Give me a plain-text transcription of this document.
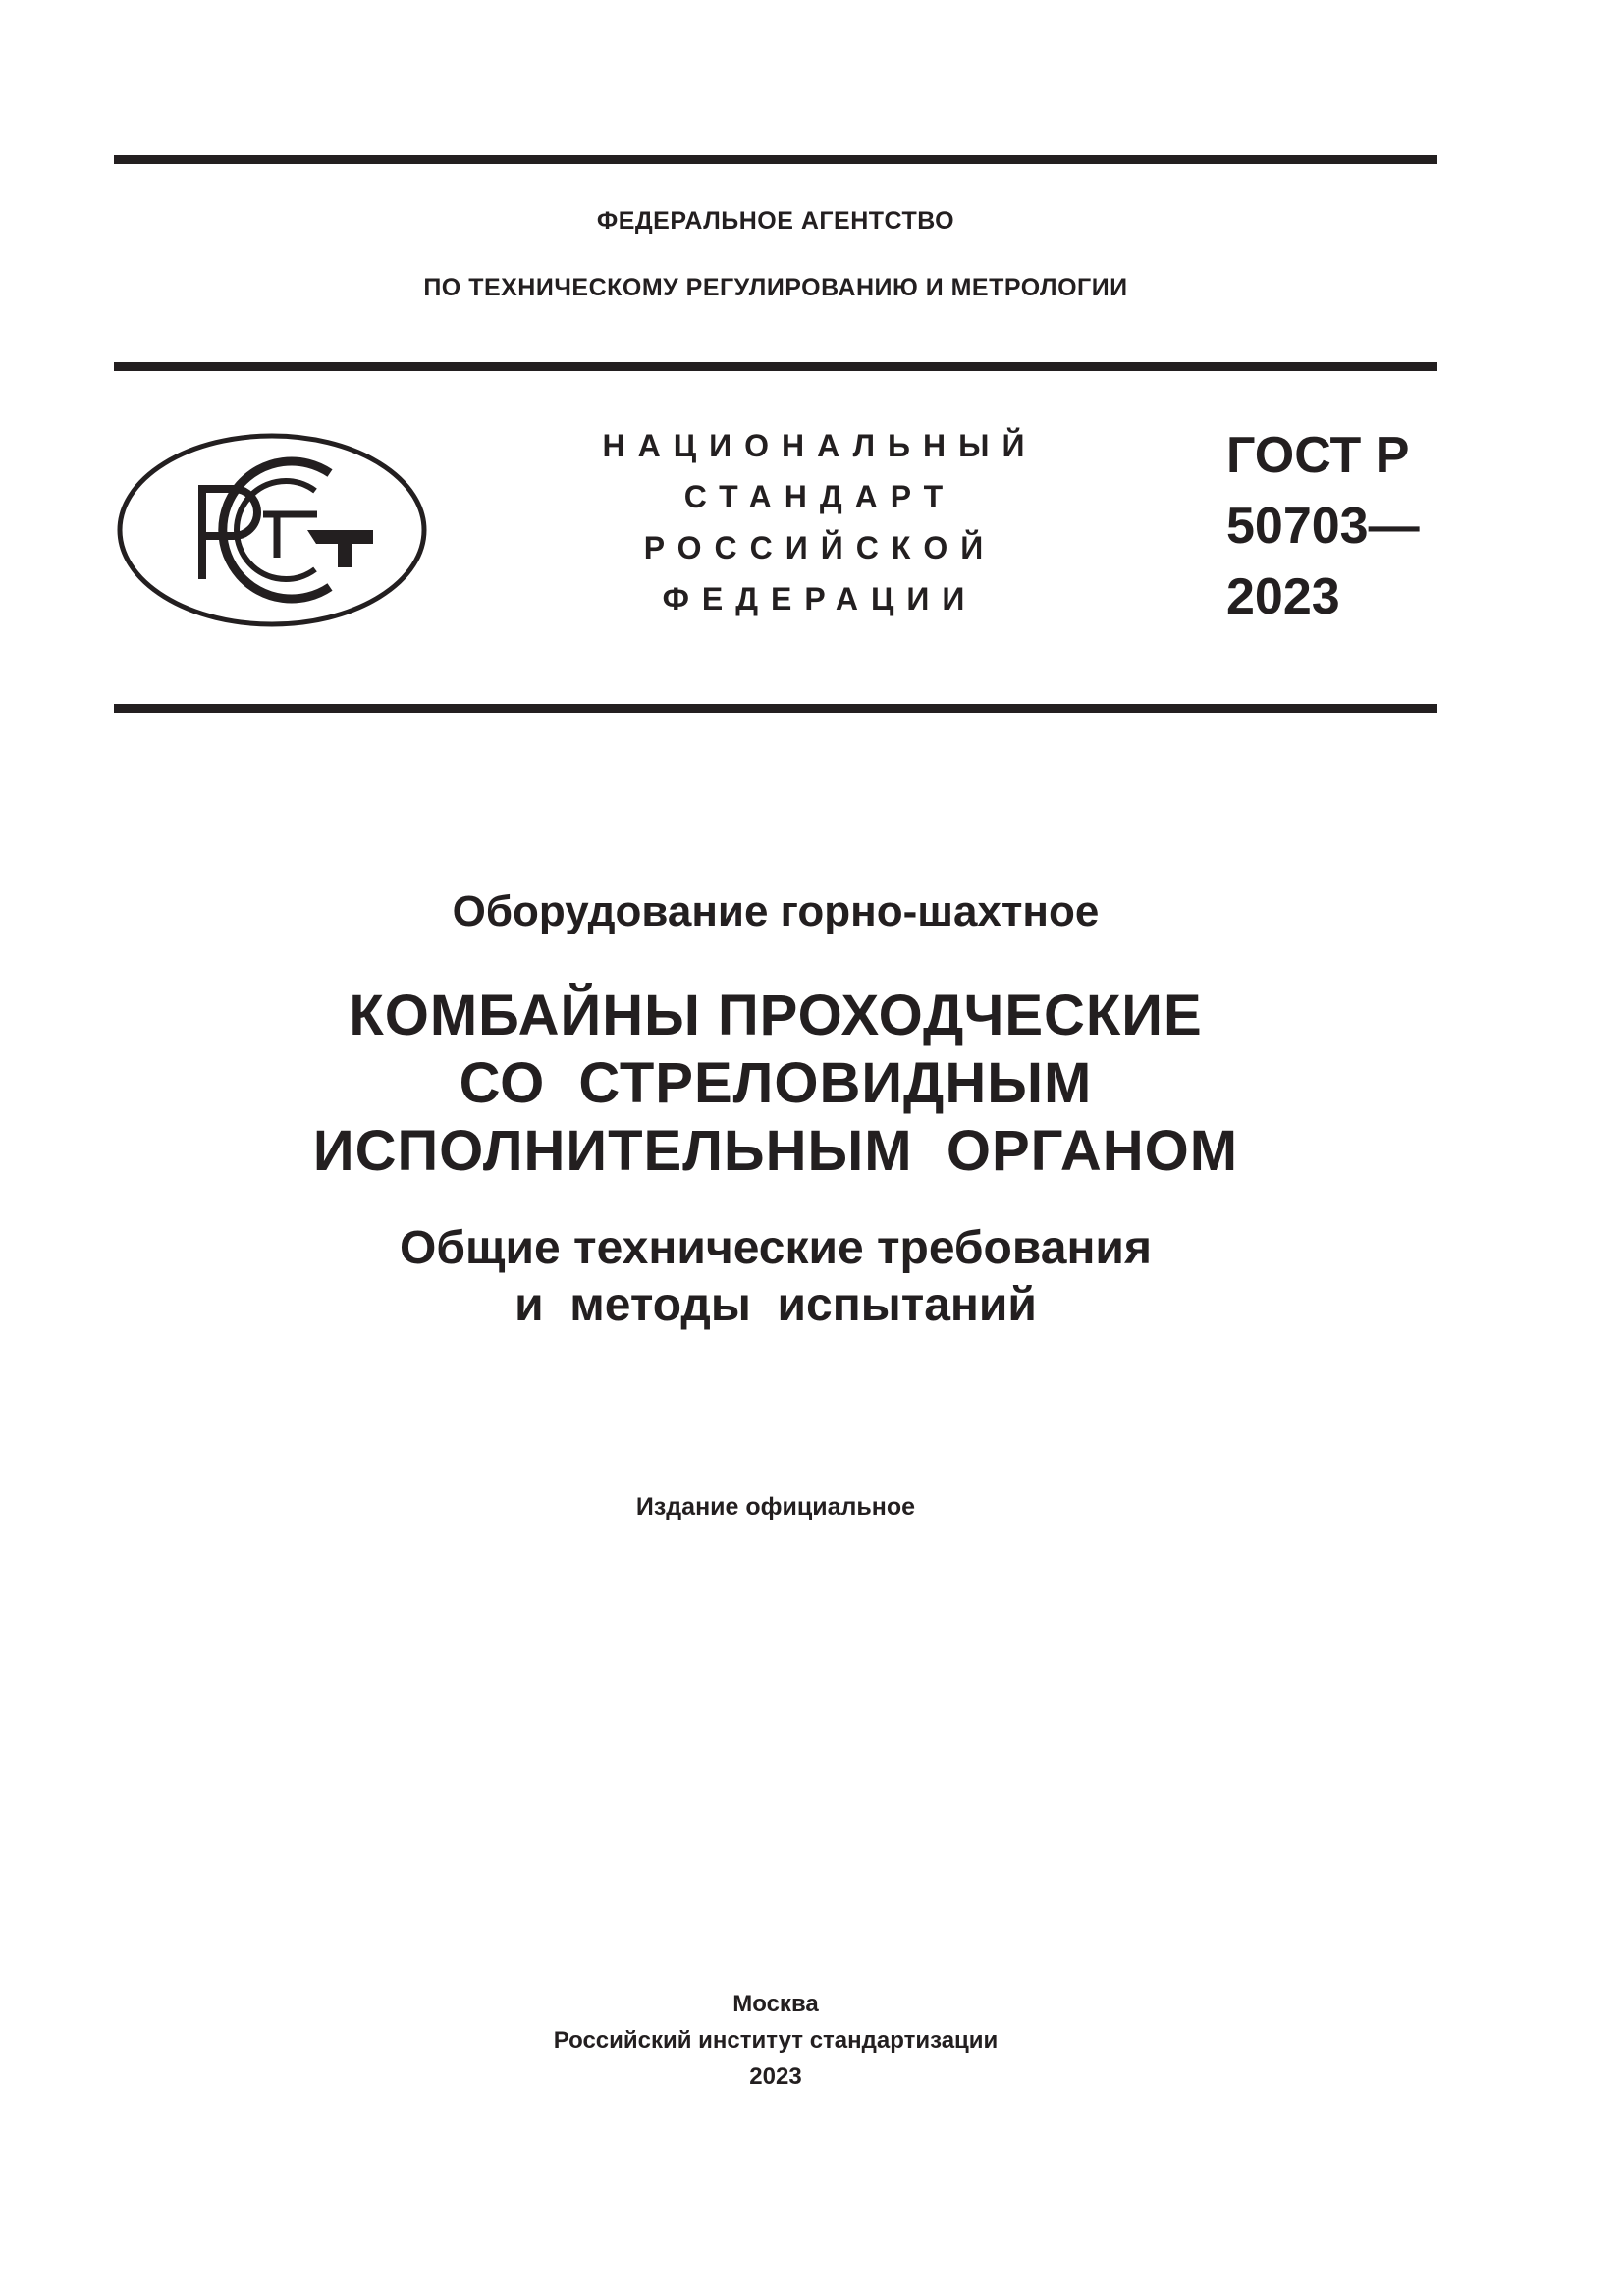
ФЕДЕРАЛЬНОЕ АГЕНТСТВО
ПО ТЕХНИЧЕСКОМУ РЕГУЛИРОВАНИЮ И МЕТРОЛОГИИ
НАЦИОНАЛЬНЫЙ
СТАНДАРТ
РОССИЙСКОЙ
ФЕДЕРАЦИИ
ГОСТ Р
50703—
2023
Оборудование горно-шахтное
КОМБАЙНЫ ПРОХОДЧЕСКИЕ
СО  СТРЕЛОВИДНЫМ
ИСПОЛНИТЕЛЬНЫМ  ОРГАНОМ
Общие технические требования
и  методы  испытаний
Издание официальное
Москва
Российский институт стандартизации
2023
